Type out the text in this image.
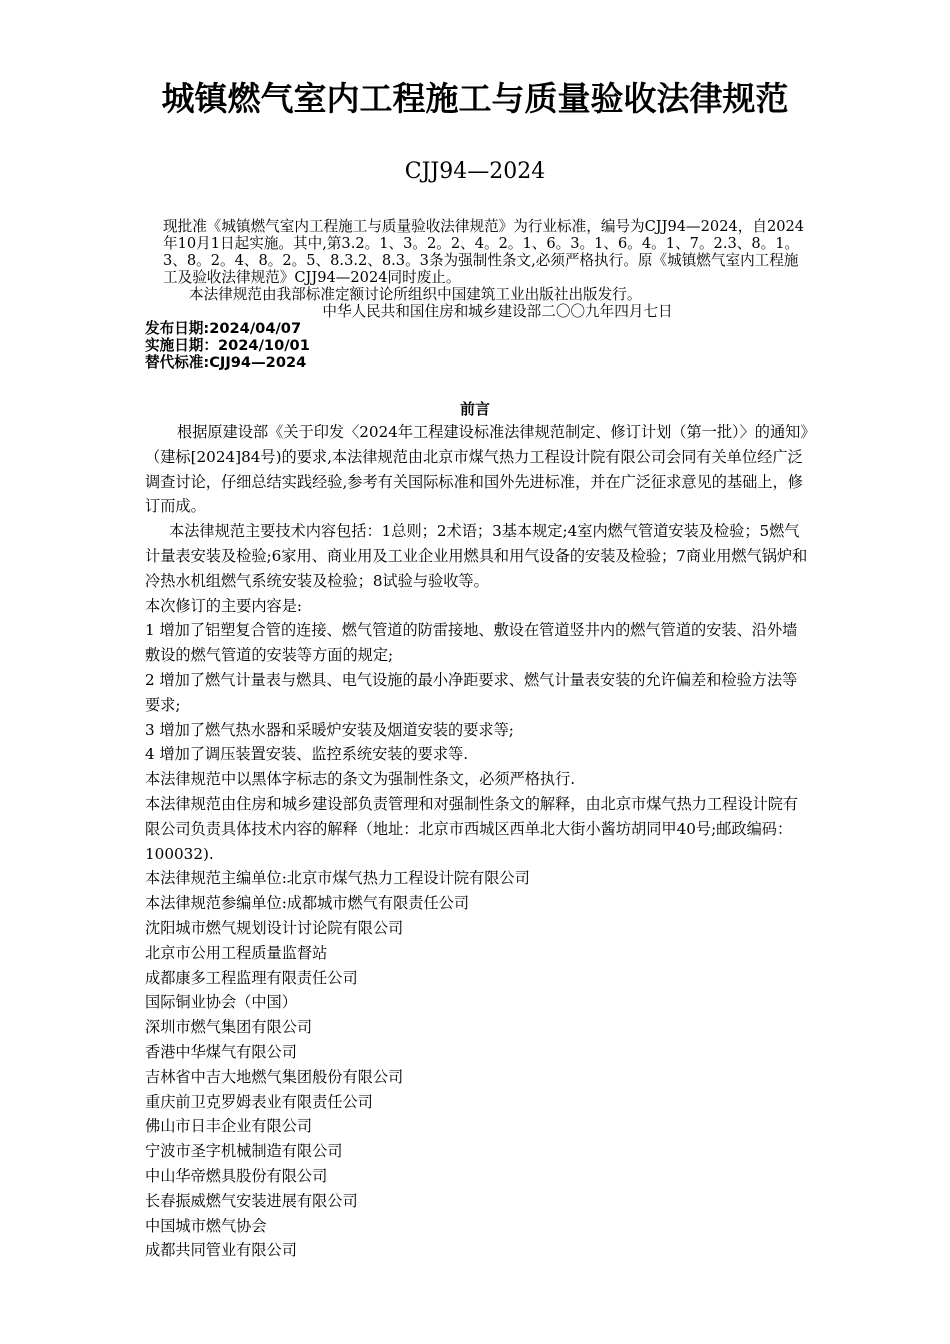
城镇燃气室内工程施工与质量验收法律规范
CJJ94—2024

现批准《城镇燃气室内工程施工与质量验收法律规范》为行业标准，编号为CJJ94—2024，自2024年10月1日起实施。其中,第3.2。1、3。2。2、4。2。1、6。3。1、6。4。1、7。2.3、8。1。3、8。2。4、8。2。5、8.3.2、8.3。3条为强制性条文,必须严格执行。原《城镇燃气室内工程施工及验收法律规范》CJJ94—2024同时废止。

本法律规范由我部标准定额讨论所组织中国建筑工业出版社出版发行。

中华人民共和国住房和城乡建设部二〇〇九年四月七日

发布日期:2024/04/07

实施日期：2024/10/01

替代标准:CJJ94—2024

前言

根据原建设部《关于印发〈2024年工程建设标准法律规范制定、修订计划（第一批）〉的通知》（建标[2024]84号)的要求,本法律规范由北京市煤气热力工程设计院有限公司会同有关单位经广泛调查讨论，仔细总结实践经验,参考有关国际标准和国外先进标准，并在广泛征求意见的基础上，修订而成。

本法律规范主要技术内容包括：1总则；2术语；3基本规定;4室内燃气管道安装及检验；5燃气计量表安装及检验;6家用、商业用及工业企业用燃具和用气设备的安装及检验；7商业用燃气锅炉和冷热水机组燃气系统安装及检验；8试验与验收等。

本次修订的主要内容是:

1 增加了铝塑复合管的连接、燃气管道的防雷接地、敷设在管道竖井内的燃气管道的安装、沿外墙敷设的燃气管道的安装等方面的规定;

2 增加了燃气计量表与燃具、电气设施的最小净距要求、燃气计量表安装的允许偏差和检验方法等要求;

3 增加了燃气热水器和采暖炉安装及烟道安装的要求等;

4 增加了调压装置安装、监控系统安装的要求等.

本法律规范中以黑体字标志的条文为强制性条文，必须严格执行.

本法律规范由住房和城乡建设部负责管理和对强制性条文的解释，由北京市煤气热力工程设计院有限公司负责具体技术内容的解释（地址：北京市西城区西单北大街小酱坊胡同甲40号;邮政编码：100032).

本法律规范主编单位:北京市煤气热力工程设计院有限公司

本法律规范参编单位:成都城市燃气有限责任公司

沈阳城市燃气规划设计讨论院有限公司

北京市公用工程质量监督站

成都康多工程监理有限责任公司

国际铜业协会（中国）

深圳市燃气集团有限公司

香港中华煤气有限公司

吉林省中吉大地燃气集团般份有限公司

重庆前卫克罗姆表业有限责任公司

佛山市日丰企业有限公司

宁波市圣字机械制造有限公司

中山华帝燃具股份有限公司

长春振威燃气安装进展有限公司

中国城市燃气协会

成都共同管业有限公司
